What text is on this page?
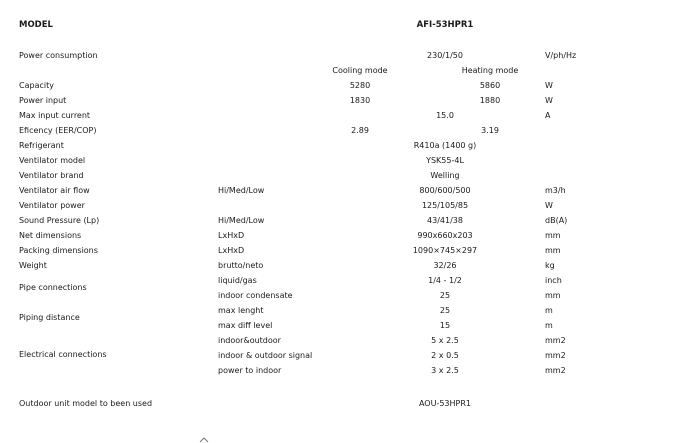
MODEL	AFI-53HPR1
Power consumption	230/1/50	V/ph/Hz
Cooling mode	Heating mode
Capacity	5280	5860	W
Power input	1830	1880	W
Max input current	15.0	A
Eficency (EER/COP)	2.89	3.19
Refrigerant	R410a (1400 g)
Ventilator model	YSK55-4L
Ventilator brand	Welling
Ventilator air flow	Hi/Med/Low	800/600/500	m3/h
Ventilator power	125/105/85	W
Sound Pressure (Lp)	Hi/Med/Low	43/41/38	dB(A)
Net dimensions	LxHxD	990x660x203	mm
Packing dimensions	LxHxD	1090×745×297	mm
Weight	brutto/neto	32/26	kg
Pipe connections
liquid/gas	1/4 - 1/2	inch
indoor condensate	25	mm
Piping distance
max lenght	25	m
max diff level	15	m
Electrical connections
indoor&outdoor	5 x 2.5	mm2
indoor & outdoor signal	2 x 0.5	mm2
power to indoor	3 x 2.5	mm2
Outdoor unit model to been used	AOU-53HPR1
